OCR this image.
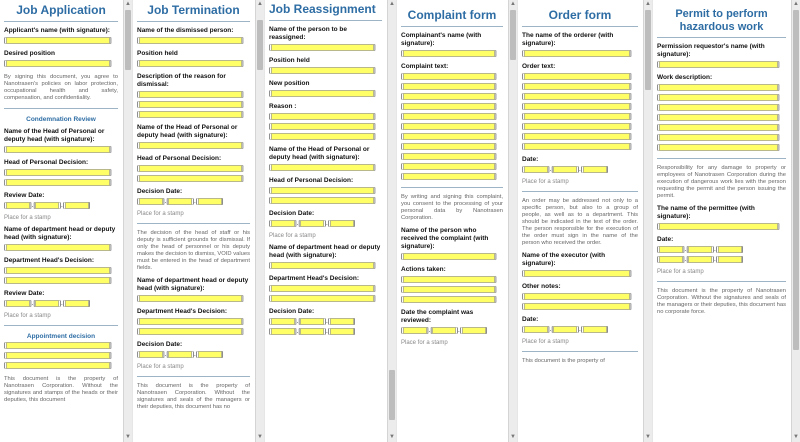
Job Application
Applicant's name (with signature):
]
Desired position
]
By signing this document, you agree to Nanotrasen's policies on labor protection, occupational health and safety, compensation, and confidentiality.
Condemnation Review
Name of the Head of Personal or deputy head (with signature):
]
Head of Personal Decision:
]
]
Review Date:
].[	].[	]
Place for a stamp
Name of department head or deputy head (with signature):
]
Department Head's Decision:
]
]
Review Date:
].[	].[	]
Place for a stamp
Appointment decision
]
]
]
This document is the property of Nanotrasen Corporation. Without the signatures and stamps of the heads or their deputies, this document
▲
▼
Job Termination
Name of the dismissed person:
]
Position held
]
Description of the reason for dismissal:
]
]
]
Name of the Head of Personal or deputy head (with signature):
]
Head of Personal Decision:
]
]
Decision Date:
].[	].[	]
Place for a stamp
The decision of the head of staff or his deputy is sufficient grounds for dismissal. If only the head of personnel or his deputy makes the decision to dismiss, VOID values must be entered in the head of department fields.
Name of department head or deputy head (with signature):
]
Department Head's Decision:
]
]
Decision Date:
].[	].[	]
Place for a stamp
This document is the property of Nanotrasen Corporation. Without the signatures and seals of the managers or their deputies, this document has no
▲
▼
Job Reassignment
Name of the person to be reassigned:
]
Position held
]
New position
]
Reason :
]
]
]
Name of the Head of Personal or deputy head (with signature):
]
Head of Personal Decision:
]
]
Decision Date:
].[	].[	]
Place for a stamp
Name of department head or deputy head (with signature):
]
Department Head's Decision:
]
]
Decision Date:
].[	].[	]
].[	].[	]
▲
▼
Complaint form
Complainant's name (with signature):
]
Complaint text:
]
]
]
]
]
]
]
]
]
]
]
By writing and signing this complaint, you consent to the processing of your personal data by Nanotrasen Corporation.
Name of the person who received the complaint (with signature):
]
Actions taken:
]
]
]
Date the complaint was reviewed:
].[	].[	]
Place for a stamp
▲
▼
Order form
The name of the orderer (with signature):
]
Order text:
]
]
]
]
]
]
]
]
Date:
].[	].[	]
Place for a stamp
An order may be addressed not only to a specific person, but also to a group of people, as well as to a department. This should be indicated in the text of the order. The person responsible for the execution of the order must sign in the name of the person who received the order.
Name of the executor (with signature):
]
Other notes:
]
]
Date:
].[	].[	]
Place for a stamp
This document is the property of
▲
▼
Permit to perform hazardous work
Permission requestor's name (with signature):
]
Work description:
]
]
]
]
]
]
]
Responsibility for any damage to property or employees of Nanotrasen Corporation during the execution of dangerous work lies with the person requesting the permit and the person issuing the permit.
The name of the permittee (with signature):
]
Date:
].[	].[	]
].[	].[	]
Place for a stamp
This document is the property of Nanotrasen Corporation. Without the signatures and seals of the managers or their deputies, this document has no corporate force.
▲
▼
